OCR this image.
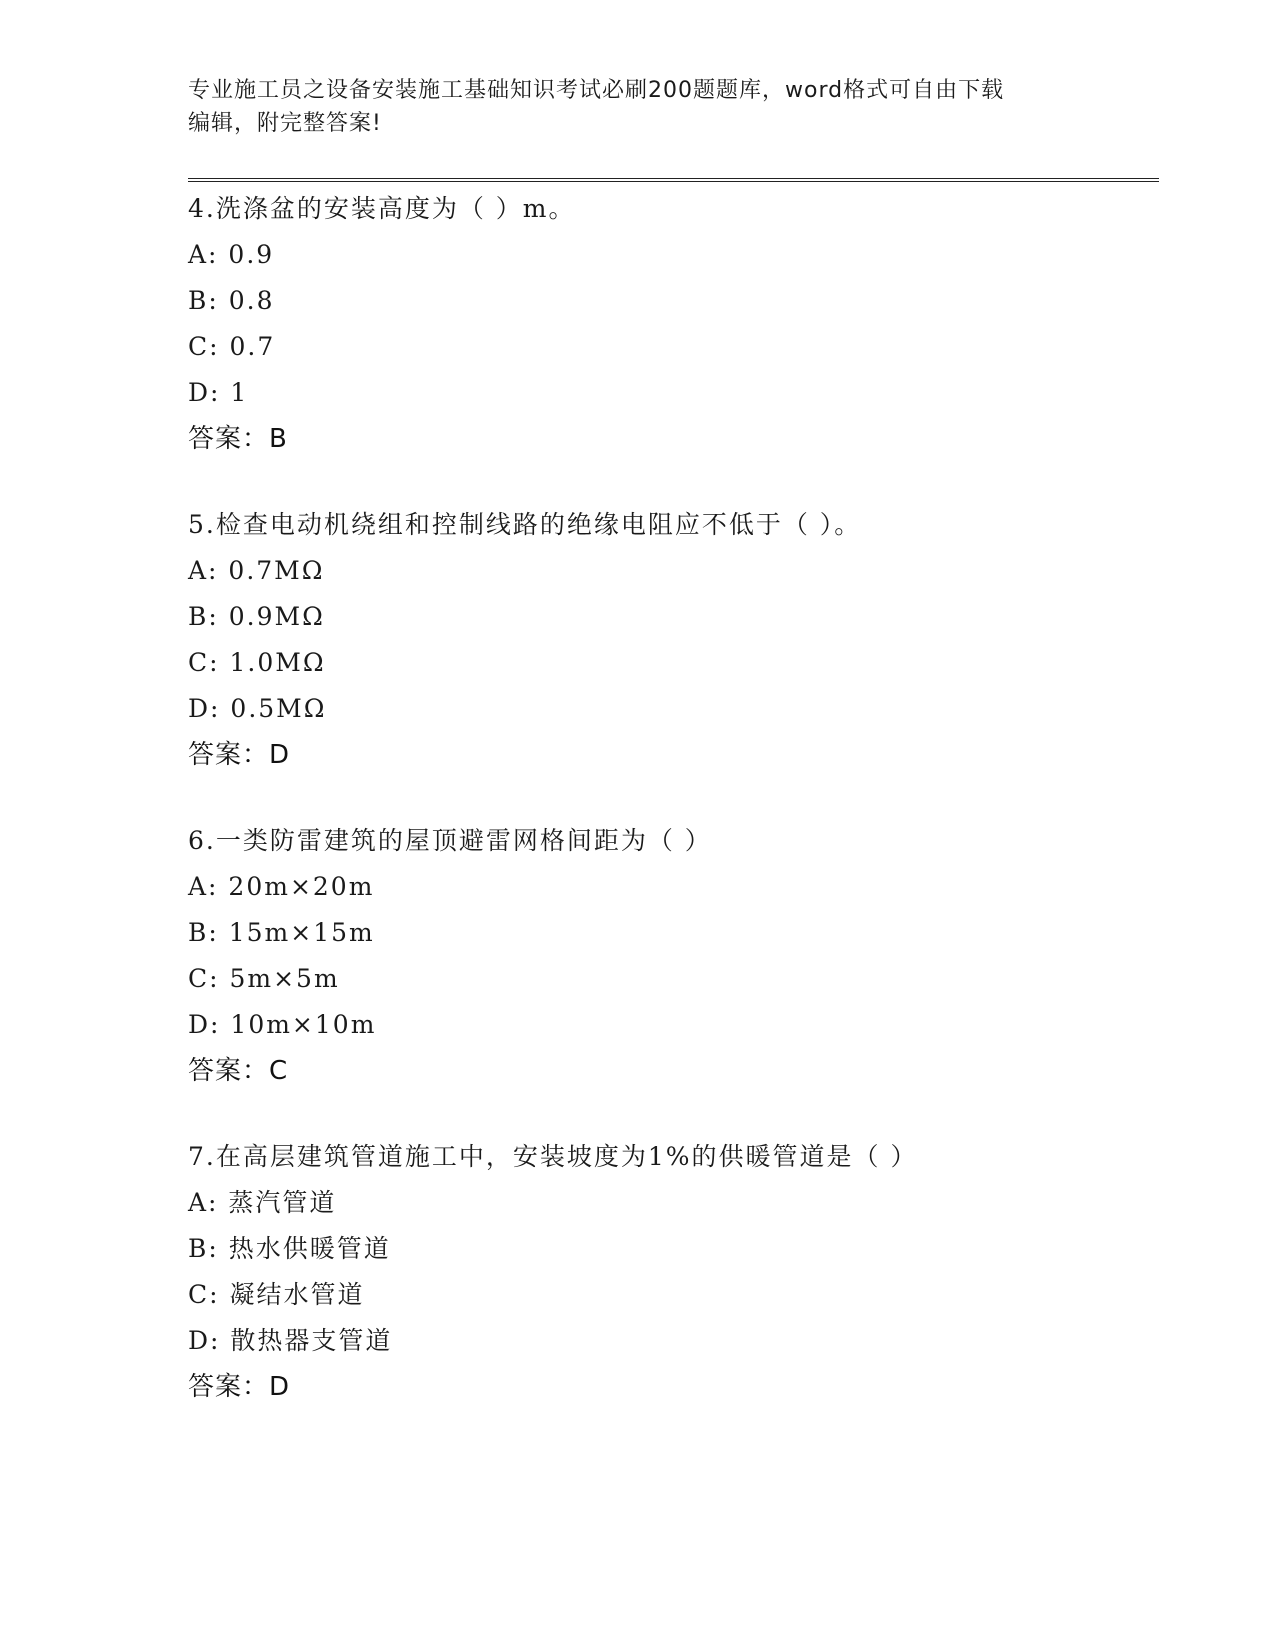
专业施工员之设备安装施工基础知识考试必刷200题题库，word格式可自由下载
编辑，附完整答案!
4.洗涤盆的安装高度为（ ）m。
A: 0.9
B: 0.8
C: 0.7
D: 1
答案：B
5.检查电动机绕组和控制线路的绝缘电阻应不低于（ ）。
A: 0.7MΩ
B: 0.9MΩ
C: 1.0MΩ
D: 0.5MΩ
答案：D
6.一类防雷建筑的屋顶避雷网格间距为（ ）
A: 20m×20m
B: 15m×15m
C: 5m×5m
D: 10m×10m
答案：C
7.在高层建筑管道施工中，安装坡度为1%的供暖管道是（ ）
A: 蒸汽管道
B: 热水供暖管道
C: 凝结水管道
D: 散热器支管道
答案：D
